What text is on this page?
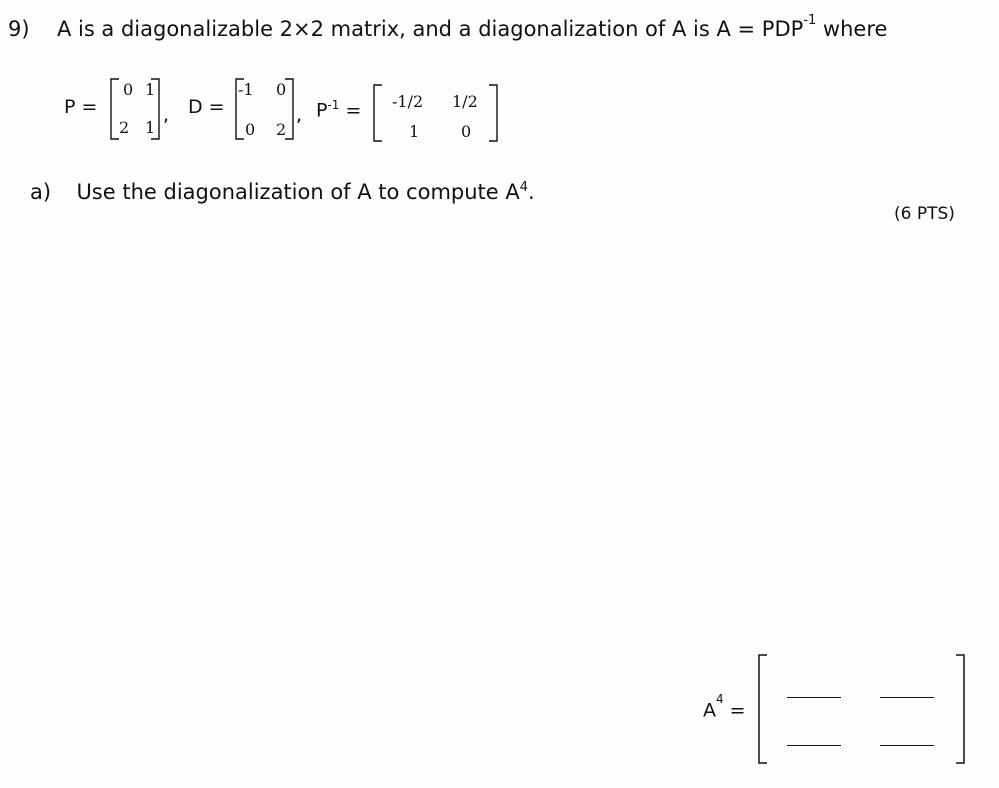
9) A is a diagonalizable 2×2 matrix, and a diagonalization of A is $A = PDP^{-1}$ where
P =
0 1
2 1
, D =
-1 0
0 2
, $P^{-1} = -1/2$ 1/2
1	0
a) Use the diagonalization of A to compute $A^4$.
(6 PTS)
$A^4$ =
